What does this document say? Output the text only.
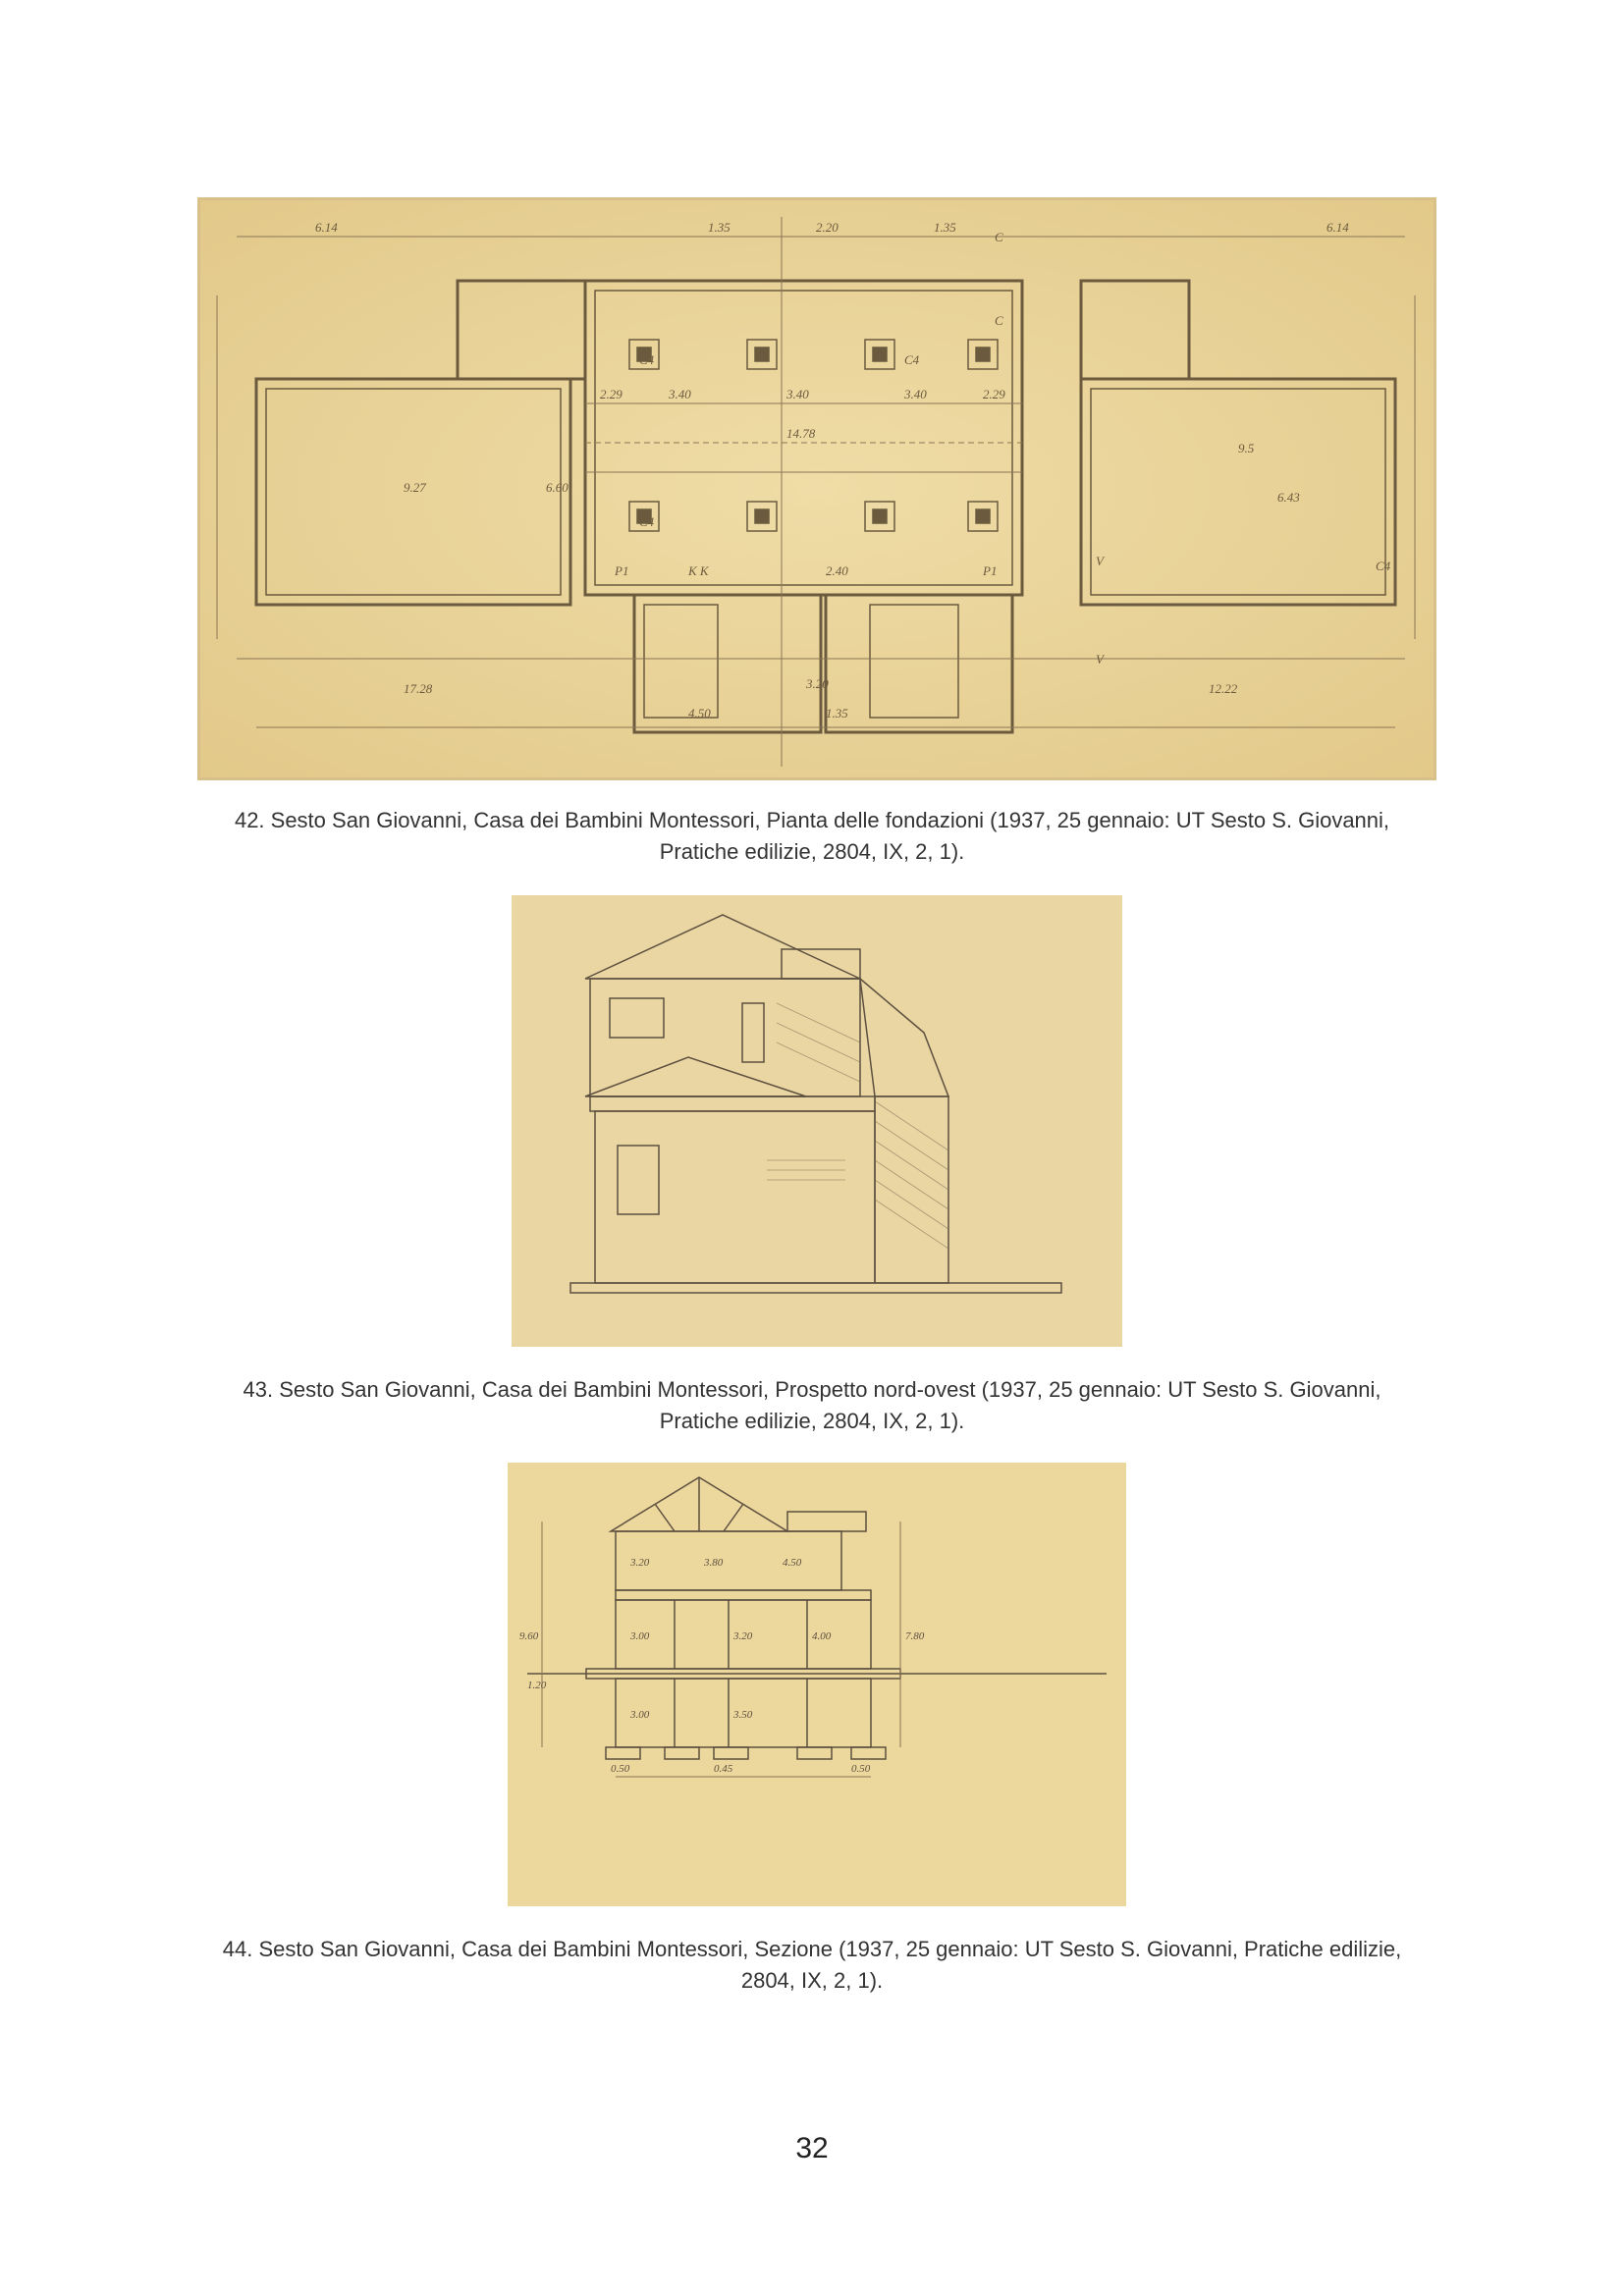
6.14	1.35	2.20	1.35	6.14
9.27	6.60
14.78
3.40	3.40	3.40
2.29	2.29
9.5
6.43
17.28	12.22
4.50	1.35
3.20
2.40
K K
P1	P1
V
V
C
C
C4
C4	C4
C4
42. Sesto San Giovanni, Casa dei Bambini Montessori, Pianta delle fondazioni (1937, 25 gennaio: UT Sesto S. Giovanni,
Pratiche edilizie, 2804, IX, 2, 1).
43. Sesto San Giovanni, Casa dei Bambini Montessori, Prospetto nord-ovest (1937, 25 gennaio: UT Sesto S. Giovanni,
Pratiche edilizie, 2804, IX, 2, 1).
3.20	3.80	4.50
3.00	3.20	4.00
9.60	7.80
3.00	3.50
1.20
0.50	0.45	0.50
44. Sesto San Giovanni, Casa dei Bambini Montessori, Sezione (1937, 25 gennaio: UT Sesto S. Giovanni, Pratiche edilizie,
2804, IX, 2, 1).
32
